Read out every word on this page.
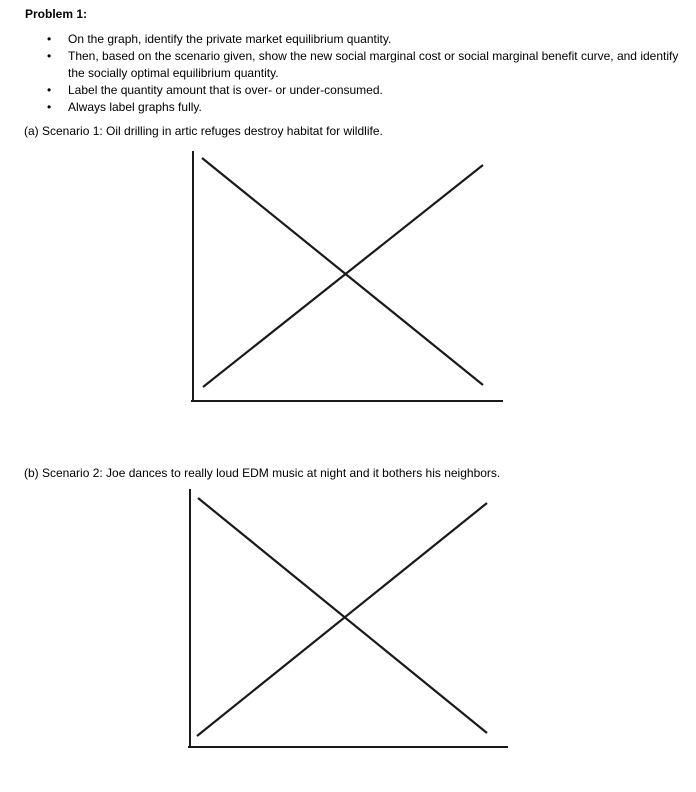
Problem 1:
• On the graph, identify the private market equilibrium quantity.
• Then, based on the scenario given, show the new social marginal cost or social marginal benefit curve, and identify the socially optimal equilibrium quantity.
• Label the quantity amount that is over- or under-consumed.
• Always label graphs fully.

(a) Scenario 1: Oil drilling in artic refuges destroy habitat for wildlife.

(b) Scenario 2: Joe dances to really loud EDM music at night and it bothers his neighbors.
